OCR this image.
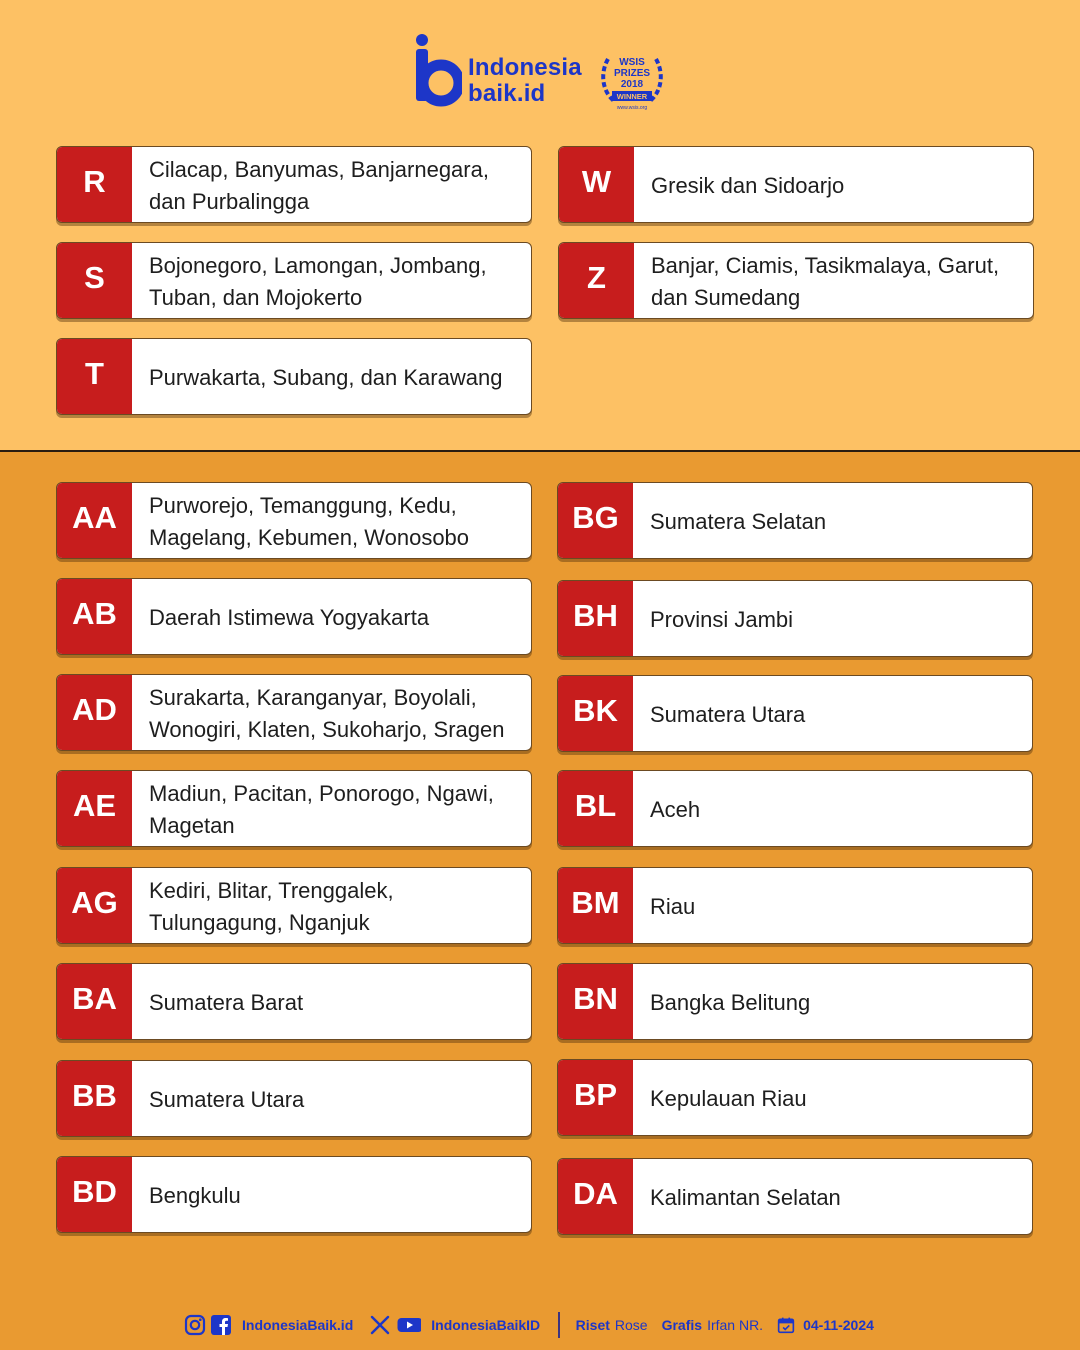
Indonesia
baik.id
WSIS
PRIZES
2018
WINNER
www.wsis.org
R	Cilacap, Banyumas, Banjarnegara, dan Purbalingga
W	Gresik dan Sidoarjo
S	Bojonegoro, Lamongan, Jombang, Tuban, dan Mojokerto
Z	Banjar, Ciamis, Tasikmalaya, Garut, dan Sumedang
T	Purwakarta, Subang, dan Karawang
AA	Purworejo, Temanggung, Kedu, Magelang, Kebumen, Wonosobo
BG	Sumatera Selatan
AB	Daerah Istimewa Yogyakarta	BH	Provinsi Jambi
AD	Surakarta, Karanganyar, Boyolali, Wonogiri, Klaten, Sukoharjo, Sragen
BK	Sumatera Utara
AE	Madiun, Pacitan, Ponorogo, Ngawi, Magetan
BL	Aceh
AG	Kediri, Blitar, Trenggalek, Tulungagung, Nganjuk
BM	Riau
BA	Sumatera Barat	BN	Bangka Belitung
BB	Sumatera Utara	BP	Kepulauan Riau
BD	Bengkulu	DA	Kalimantan Selatan
IndonesiaBaik.id	IndonesiaBaikID	Riset Rose Grafis Irfan NR.	04-11-2024
